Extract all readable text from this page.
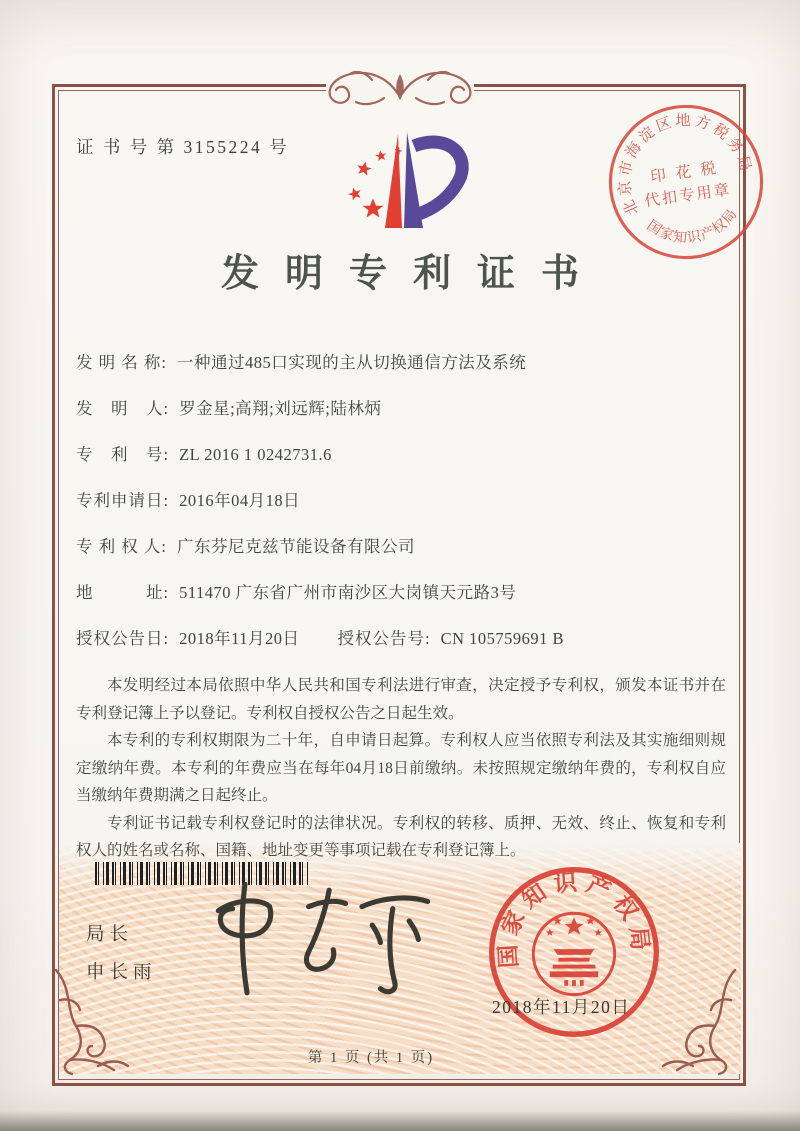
证 书 号 第 3155224 号
发明专利证书
北京市海淀区地方税务局
国家知识产权局
印 花 税
代扣专用章
发 明 名 称: 一种通过485口实现的主从切换通信方法及系统
发　明　人: 罗金星;高翔;刘远辉;陆林炳
专　利　号: ZL 2016 1 0242731.6
专利申请日: 2016年04月18日
专 利 权 人: 广东芬尼克兹节能设备有限公司
地　　　址: 511470 广东省广州市南沙区大岗镇天元路3号
授权公告日: 2018年11月20日 授权公告号: CN 105759691 B

本发明经过本局依照中华人民共和国专利法进行审查，决定授予专利权，颁发本证书并在专利登记簿上予以登记。专利权自授权公告之日起生效。

本专利的专利权期限为二十年，自申请日起算。专利权人应当依照专利法及其实施细则规定缴纳年费。本专利的年费应当在每年04月18日前缴纳。未按照规定缴纳年费的，专利权自应当缴纳年费期满之日起终止。

专利证书记载专利权登记时的法律状况。专利权的转移、质押、无效、终止、恢复和专利权人的姓名或名称、国籍、地址变更等事项记载在专利登记簿上。

局长
申长雨
国家知识产权局
2018年11月20日
第 1 页 (共 1 页)
